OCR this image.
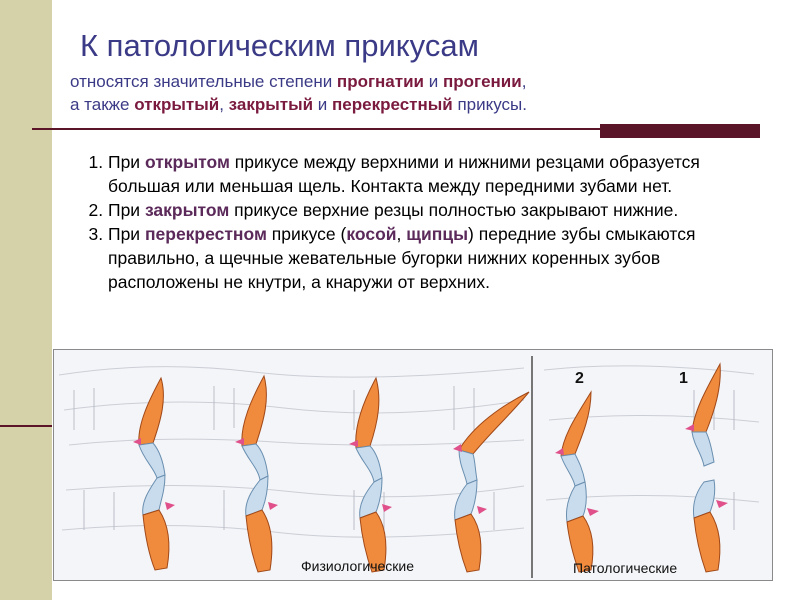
К патологическим прикусам
относятся значительные степени прогнатии и прогении,
а также открытый, закрытый и перекрестный прикусы.
1. При открытом прикусе между верхними и нижними резцами образуется большая или меньшая щель. Контакта между передними зубами нет.
2. При закрытом прикусе верхние резцы полностью закрывают нижние.
3. При перекрестном прикусе (косой, щипцы) передние зубы смыкаются правильно, а щечные жевательные бугорки нижних коренных зубов расположены не кнутри, а кнаружи от верхних.
2	1
Физиологические	Патологические
